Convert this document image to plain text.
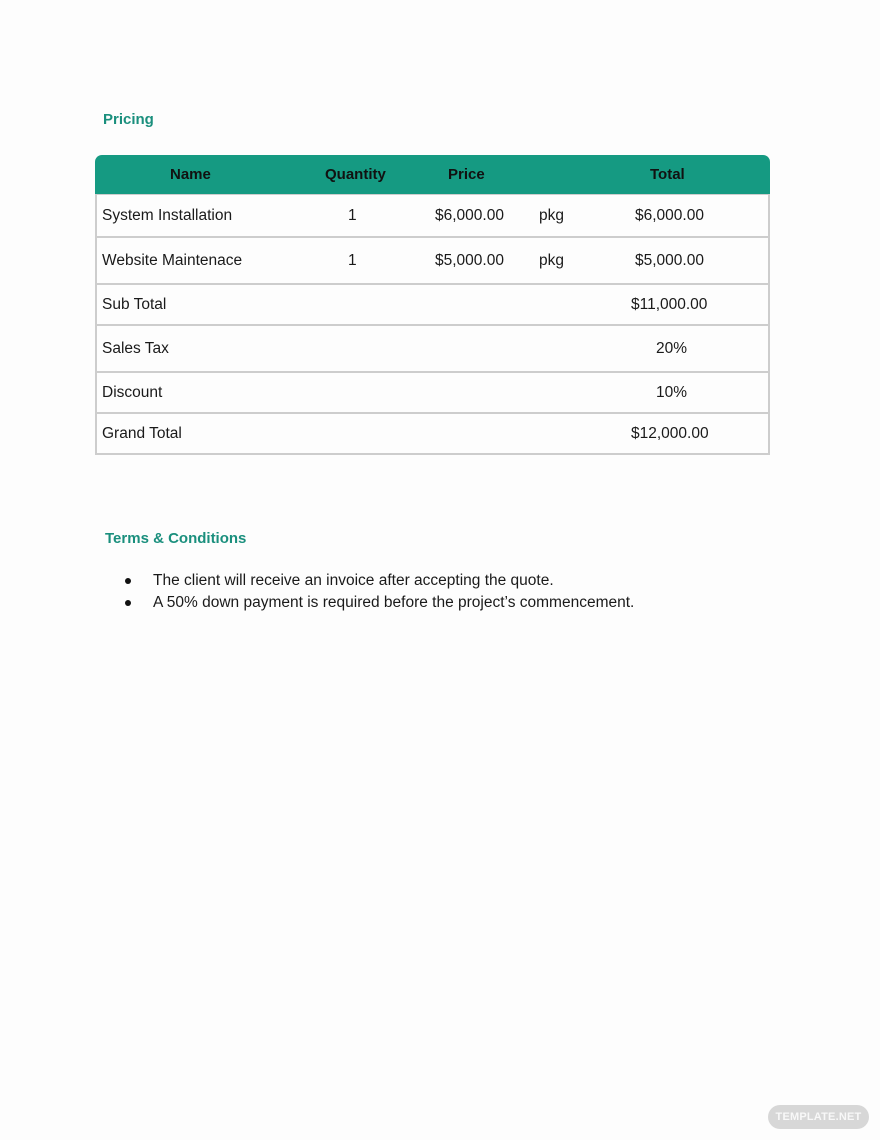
Pricing
Name	Quantity	Price	Total
System Installation	1	$6,000.00 pkg	$6,000.00
Website Maintenace	1	$5,000.00 pkg	$5,000.00
Sub Total	$11,000.00
Sales Tax	20%
Discount	10%
Grand Total	$12,000.00
Terms & Conditions
The client will receive an invoice after accepting the quote.
A 50% down payment is required before the project’s commencement.
TEMPLATE.NET
